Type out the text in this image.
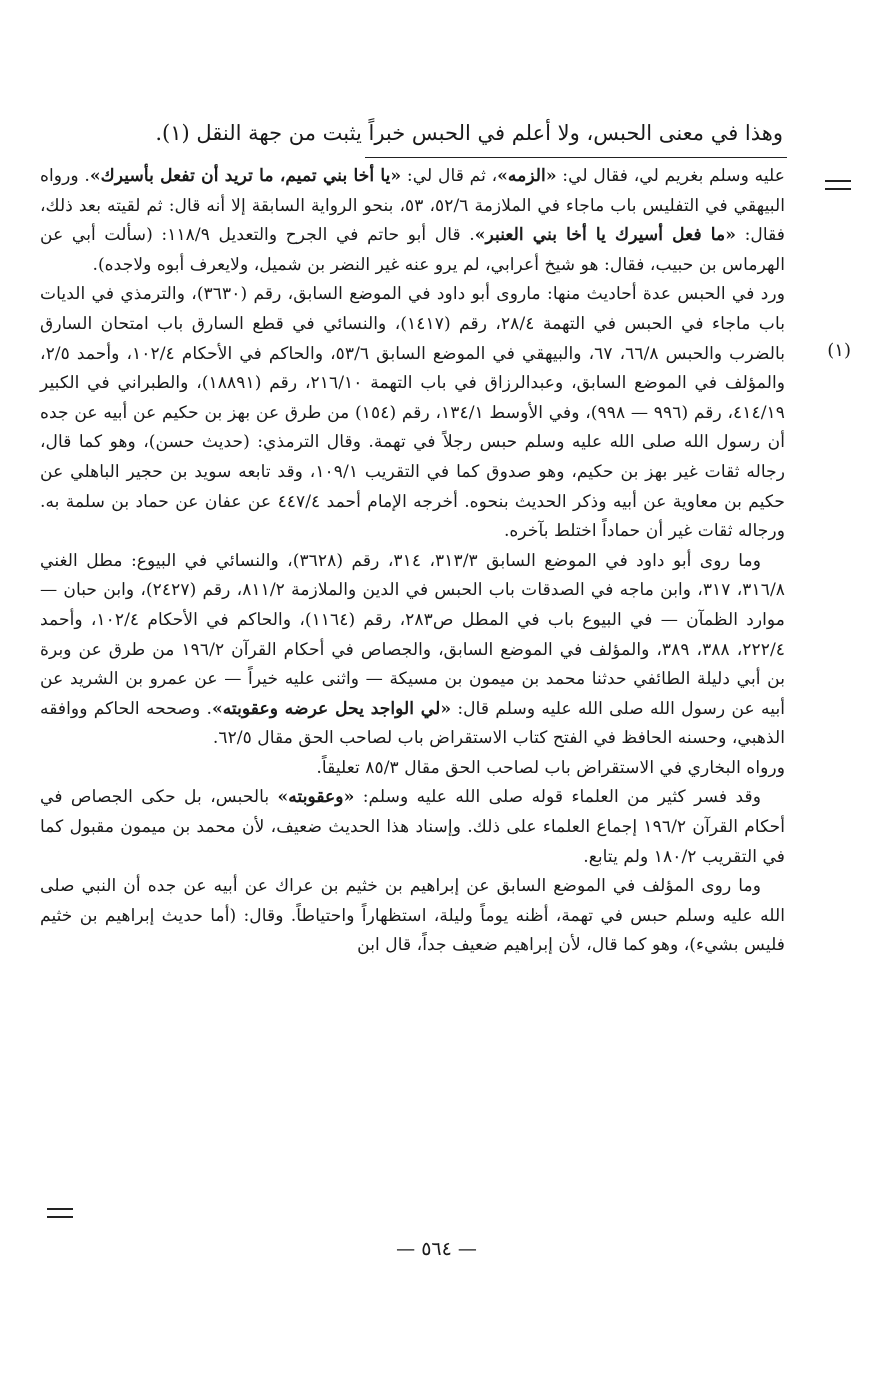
وهذا في معنى الحبس، ولا أعلم في الحبس خبراً يثبت من جهة النقل (١).
(١)

عليه وسلم بغريم لي، فقال لي: «الزمه»، ثم قال لي: «يا أخا بني تميم، ما تريد أن تفعل بأسيرك». ورواه البيهقي في التفليس باب ماجاء في الملازمة ٥٢/٦، ٥٣، بنحو الرواية السابقة إلا أنه قال: ثم لقيته بعد ذلك، فقال: «ما فعل أسيرك يا أخا بني العنبر». قال أبو حاتم في الجرح والتعديل ١١٨/٩: (سألت أبي عن الهرماس بن حبيب، فقال: هو شيخ أعرابي، لم يرو عنه غير النضر بن شميل، ولايعرف أبوه ولاجده).

ورد في الحبس عدة أحاديث منها: ماروى أبو داود في الموضع السابق، رقم (٣٦٣٠)، والترمذي في الديات باب ماجاء في الحبس في التهمة ٢٨/٤، رقم (١٤١٧)، والنسائي في قطع السارق باب امتحان السارق بالضرب والحبس ٦٦/٨، ٦٧، والبيهقي في الموضع السابق ٥٣/٦، والحاكم في الأحكام ١٠٢/٤، وأحمد ٢/٥، والمؤلف في الموضع السابق، وعبدالرزاق في باب التهمة ٢١٦/١٠، رقم (١٨٨٩١)، والطبراني في الكبير ٤١٤/١٩، رقم (٩٩٦ — ٩٩٨)، وفي الأوسط ١٣٤/١، رقم (١٥٤) من طرق عن بهز بن حكيم عن أبيه عن جده أن رسول الله صلى الله عليه وسلم حبس رجلاً في تهمة. وقال الترمذي: (حديث حسن)، وهو كما قال، رجاله ثقات غير بهز بن حكيم، وهو صدوق كما في التقريب ١٠٩/١، وقد تابعه سويد بن حجير الباهلي عن حكيم بن معاوية عن أبيه وذكر الحديث بنحوه. أخرجه الإمام أحمد ٤٤٧/٤ عن عفان عن حماد بن سلمة به. ورجاله ثقات غير أن حماداً اختلط بآخره.

وما روى أبو داود في الموضع السابق ٣١٣/٣، ٣١٤، رقم (٣٦٢٨)، والنسائي في البيوع: مطل الغني ٣١٦/٨، ٣١٧، وابن ماجه في الصدقات باب الحبس في الدين والملازمة ٨١١/٢، رقم (٢٤٢٧)، وابن حبان — موارد الظمآن — في البيوع باب في المطل ص٢٨٣، رقم (١١٦٤)، والحاكم في الأحكام ١٠٢/٤، وأحمد ٢٢٢/٤، ٣٨٨، ٣٨٩، والمؤلف في الموضع السابق، والجصاص في أحكام القرآن ١٩٦/٢ من طرق عن وبرة بن أبي دليلة الطائفي حدثنا محمد بن ميمون بن مسيكة — واثنى عليه خيراً — عن عمرو بن الشريد عن أبيه عن رسول الله صلى الله عليه وسلم قال: «لي الواجد يحل عرضه وعقوبته». وصححه الحاكم ووافقه الذهبي، وحسنه الحافظ في الفتح كتاب الاستقراض باب لصاحب الحق مقال ٦٢/٥.

ورواه البخاري في الاستقراض باب لصاحب الحق مقال ٨٥/٣ تعليقاً.

وقد فسر كثير من العلماء قوله صلى الله عليه وسلم: «وعقوبته» بالحبس، بل حكى الجصاص في أحكام القرآن ١٩٦/٢ إجماع العلماء على ذلك. وإسناد هذا الحديث ضعيف، لأن محمد بن ميمون مقبول كما في التقريب ١٨٠/٢ ولم يتابع.

وما روى المؤلف في الموضع السابق عن إبراهيم بن خثيم بن عراك عن أبيه عن جده أن النبي صلى الله عليه وسلم حبس في تهمة، أظنه يوماً وليلة، استظهاراً واحتياطاً. وقال: (أما حديث إبراهيم بن خثيم فليس بشيء)، وهو كما قال، لأن إبراهيم ضعيف جداً، قال ابن

— ٥٦٤ —
